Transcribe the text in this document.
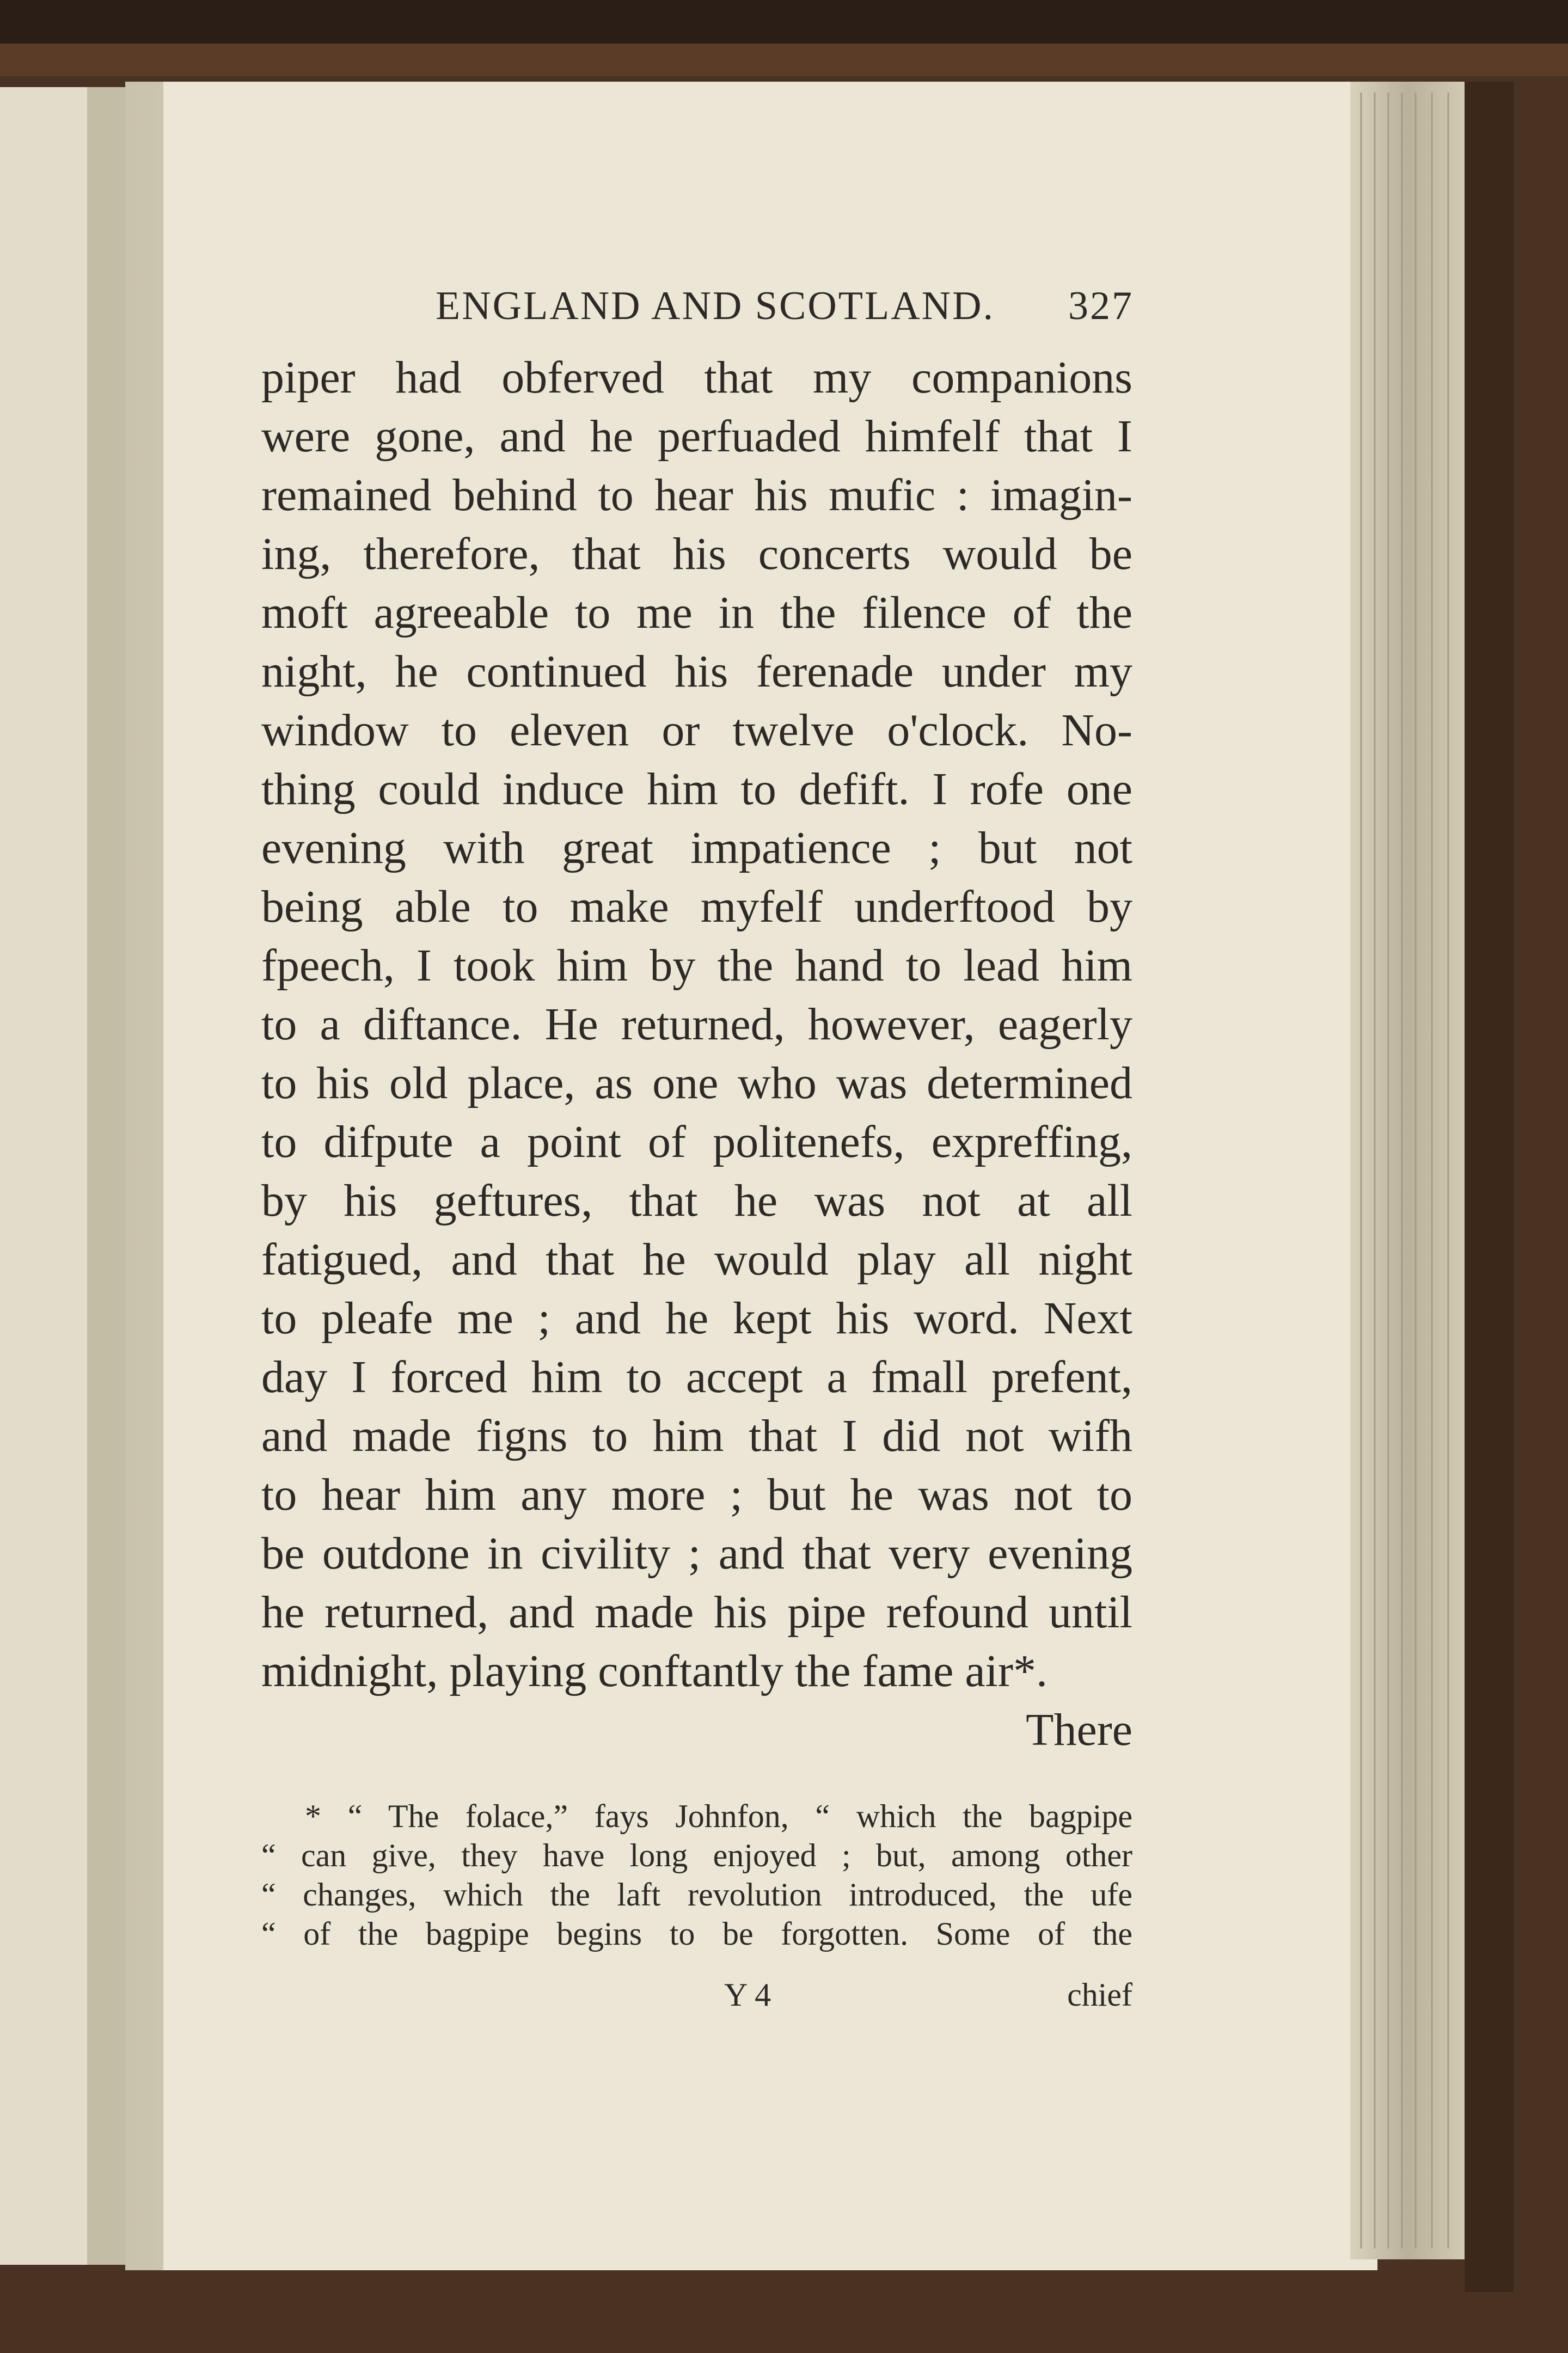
ENGLAND AND SCOTLAND. 327
piper had obferved that my companions
were gone, and he perfuaded himfelf that I
remained behind to hear his mufic : imagin-
ing, therefore, that his concerts would be
moft agreeable to me in the filence of the
night, he continued his ferenade under my
window to eleven or twelve o'clock. No-
thing could induce him to defift. I rofe one
evening with great impatience ; but not
being able to make myfelf underftood by
fpeech, I took him by the hand to lead him
to a diftance. He returned, however, eagerly
to his old place, as one who was determined
to difpute a point of politenefs, expreffing,
by his geftures, that he was not at all
fatigued, and that he would play all night
to pleafe me ; and he kept his word. Next
day I forced him to accept a fmall prefent,
and made figns to him that I did not wifh
to hear him any more ; but he was not to
be outdone in civility ; and that very evening
he returned, and made his pipe refound until
midnight, playing conftantly the fame air*.
There
* “ The folace,” fays Johnfon, “ which the bagpipe
“ can give, they have long enjoyed ; but, among other
“ changes, which the laft revolution introduced, the ufe
“ of the bagpipe begins to be forgotten. Some of the
Y 4	chief
